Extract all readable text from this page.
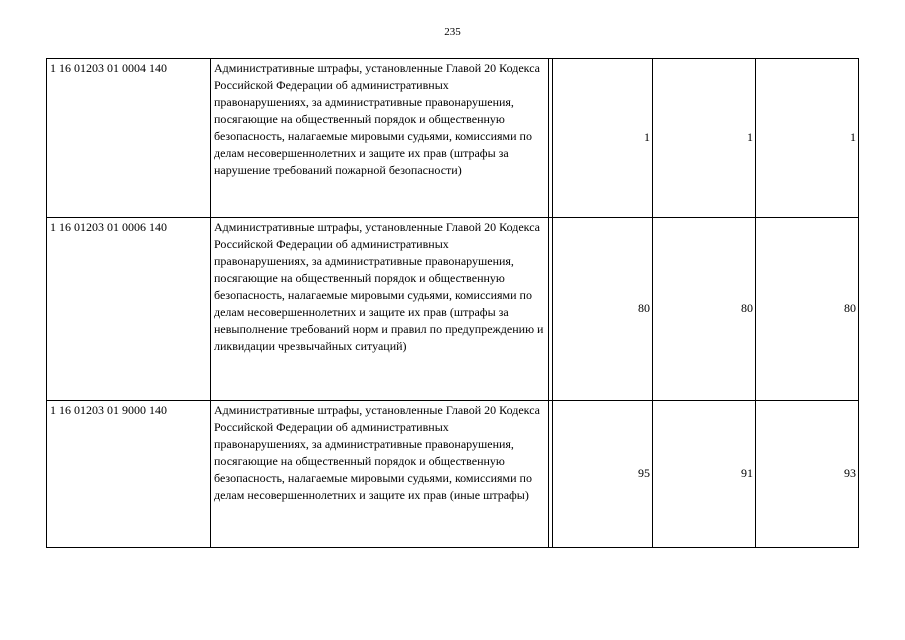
235
1 16 01203 01 0004 140	Административные штрафы, установленные Главой 20 Кодекса Российской Федерации об административных правонарушениях, за административные правонарушения, посягающие на общественный порядок и общественную безопасность, налагаемые мировыми судьями, комиссиями по делам несовершеннолетних и защите их прав (штрафы за нарушение требований пожарной безопасности)		1	1	1
1 16 01203 01 0006 140	Административные штрафы, установленные Главой 20 Кодекса Российской Федерации об административных правонарушениях, за административные правонарушения, посягающие на общественный порядок и общественную безопасность, налагаемые мировыми судьями, комиссиями по делам несовершеннолетних и защите их прав (штрафы за невыполнение требований норм и правил по предупреждению и ликвидации чрезвычайных ситуаций)		80	80	80
1 16 01203 01 9000 140	Административные штрафы, установленные Главой 20 Кодекса Российской Федерации об административных правонарушениях, за административные правонарушения, посягающие на общественный порядок и общественную безопасность, налагаемые мировыми судьями, комиссиями по делам несовершеннолетних и защите их прав (иные штрафы)		95	91	93
